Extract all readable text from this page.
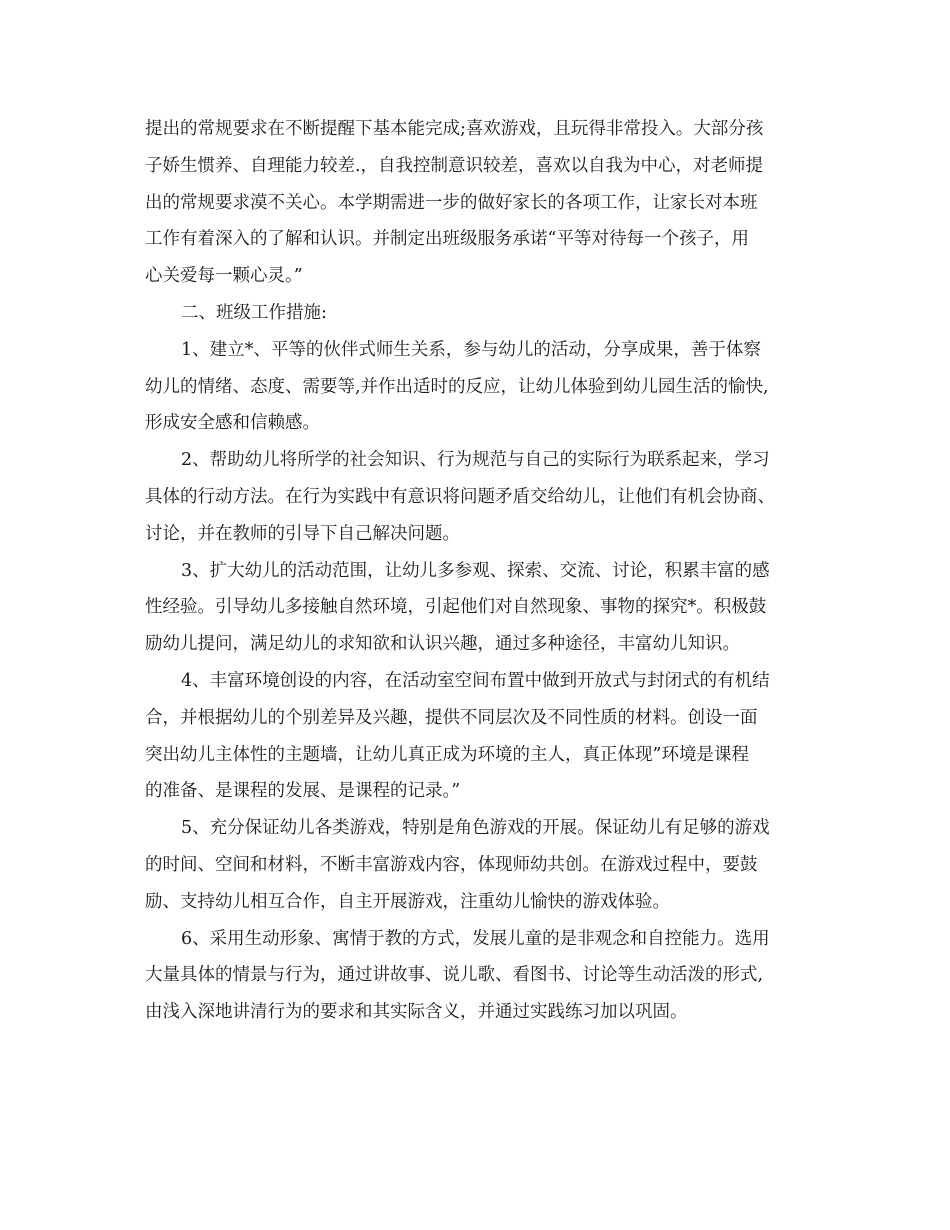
提出的常规要求在不断提醒下基本能完成;喜欢游戏，且玩得非常投入。大部分孩
子娇生惯养、自理能力较差.，自我控制意识较差，喜欢以自我为中心，对老师提
出的常规要求漠不关心。本学期需进一步的做好家长的各项工作，让家长对本班
工作有着深入的了解和认识。并制定出班级服务承诺“平等对待每一个孩子，用
心关爱每一颗心灵。”
二、班级工作措施:
1、建立*、平等的伙伴式师生关系，参与幼儿的活动，分享成果，善于体察
幼儿的情绪、态度、需要等,并作出适时的反应，让幼儿体验到幼儿园生活的愉快,
形成安全感和信赖感。
2、帮助幼儿将所学的社会知识、行为规范与自己的实际行为联系起来，学习
具体的行动方法。在行为实践中有意识将问题矛盾交给幼儿，让他们有机会协商、
讨论，并在教师的引导下自己解决问题。
3、扩大幼儿的活动范围，让幼儿多参观、探索、交流、讨论，积累丰富的感
性经验。引导幼儿多接触自然环境，引起他们对自然现象、事物的探究*。积极鼓
励幼儿提问，满足幼儿的求知欲和认识兴趣，通过多种途径，丰富幼儿知识。
4、丰富环境创设的内容，在活动室空间布置中做到开放式与封闭式的有机结
合，并根据幼儿的个别差异及兴趣，提供不同层次及不同性质的材料。创设一面
突出幼儿主体性的主题墙，让幼儿真正成为环境的主人，真正体现”环境是课程
的准备、是课程的发展、是课程的记录。”
5、充分保证幼儿各类游戏，特别是角色游戏的开展。保证幼儿有足够的游戏
的时间、空间和材料，不断丰富游戏内容，体现师幼共创。在游戏过程中，要鼓
励、支持幼儿相互合作，自主开展游戏，注重幼儿愉快的游戏体验。
6、采用生动形象、寓情于教的方式，发展儿童的是非观念和自控能力。选用
大量具体的情景与行为，通过讲故事、说儿歌、看图书、讨论等生动活泼的形式,
由浅入深地讲清行为的要求和其实际含义，并通过实践练习加以巩固。
